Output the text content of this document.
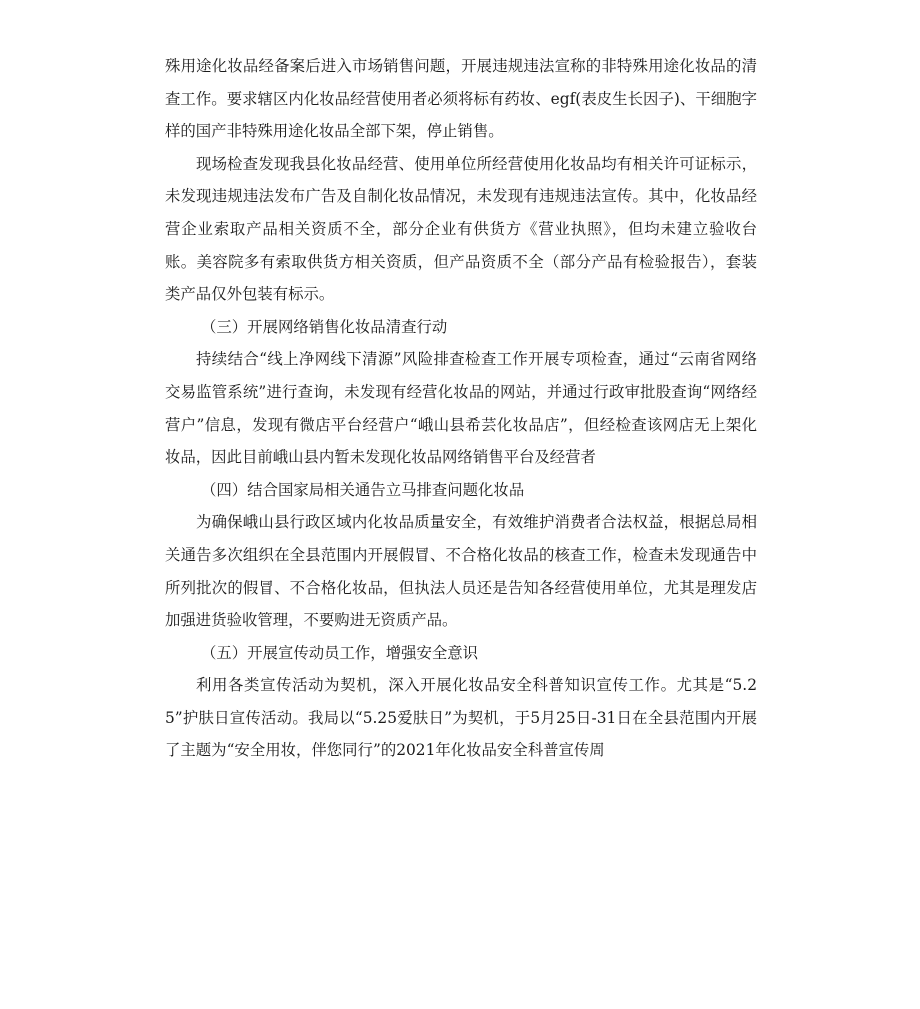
殊用途化妆品经备案后进入市场销售问题，开展违规违法宣称的非特殊用途化妆品的清查工作。要求辖区内化妆品经营使用者必须将标有药妆、egf(表皮生长因子)、干细胞字样的国产非特殊用途化妆品全部下架，停止销售。

现场检查发现我县化妆品经营、使用单位所经营使用化妆品均有相关许可证标示，未发现违规违法发布广告及自制化妆品情况，未发现有违规违法宣传。其中，化妆品经营企业索取产品相关资质不全，部分企业有供货方《营业执照》，但均未建立验收台账。美容院多有索取供货方相关资质，但产品资质不全（部分产品有检验报告），套装类产品仅外包装有标示。

（三）开展网络销售化妆品清查行动

持续结合“线上净网线下清源”风险排查检查工作开展专项检查，通过“云南省网络交易监管系统”进行查询，未发现有经营化妆品的网站，并通过行政审批股查询“网络经营户”信息，发现有微店平台经营户“峨山县希芸化妆品店”，但经检查该网店无上架化妆品，因此目前峨山县内暂未发现化妆品网络销售平台及经营者

（四）结合国家局相关通告立马排查问题化妆品

为确保峨山县行政区域内化妆品质量安全，有效维护消费者合法权益，根据总局相关通告多次组织在全县范围内开展假冒、不合格化妆品的核查工作，检查未发现通告中所列批次的假冒、不合格化妆品，但执法人员还是告知各经营使用单位，尤其是理发店加强进货验收管理，不要购进无资质产品。

（五）开展宣传动员工作，增强安全意识

利用各类宣传活动为契机，深入开展化妆品安全科普知识宣传工作。尤其是“5.25”护肤日宣传活动。我局以“5.25爱肤日”为契机，于5月25日-31日在全县范围内开展了主题为“安全用妆，伴您同行”的2021年化妆品安全科普宣传周
